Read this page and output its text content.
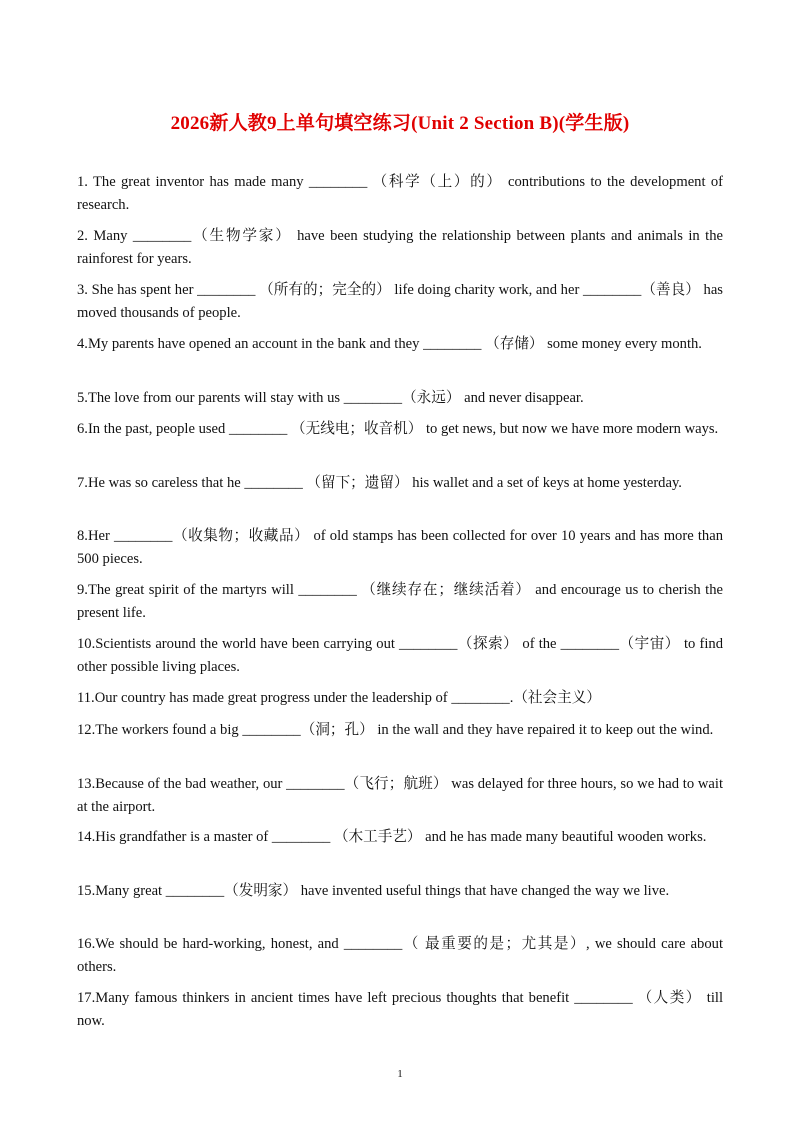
2026新人教9上单句填空练习(Unit 2 Section B)(学生版)
1. The great inventor has made many ________ （科学（上）的） contributions to the development of research.
2. Many ________（生物学家） have been studying the relationship between plants and animals in the rainforest for years.
3. She has spent her ________ （所有的；完全的） life doing charity work, and her ________（善良） has moved thousands of people.
4.My parents have opened an account in the bank and they ________ （存储） some money every month.
5.The love from our parents will stay with us ________（永远） and never disappear.
6.In the past, people used ________ （无线电；收音机） to get news, but now we have more modern ways.
7.He was so careless that he ________ （留下；遗留） his wallet and a set of keys at home yesterday.
8.Her ________（收集物；收藏品） of old stamps has been collected for over 10 years and has more than 500 pieces.
9.The great spirit of the martyrs will ________ （继续存在；继续活着） and encourage us to cherish the present life.
10.Scientists around the world have been carrying out ________（探索） of the ________（宇宙） to find other possible living places.
11.Our country has made great progress under the leadership of ________.（社会主义）
12.The workers found a big ________（洞；孔） in the wall and they have repaired it to keep out the wind.
13.Because of the bad weather, our ________（飞行；航班） was delayed for three hours, so we had to wait at the airport.
14.His grandfather is a master of ________ （木工手艺） and he has made many beautiful wooden works.
15.Many great ________（发明家） have invented useful things that have changed the way we live.
16.We should be hard-working, honest, and ________（ 最重要的是；尤其是）, we should care about others.
17.Many famous thinkers in ancient times have left precious thoughts that benefit ________ （人类） till now.
1
